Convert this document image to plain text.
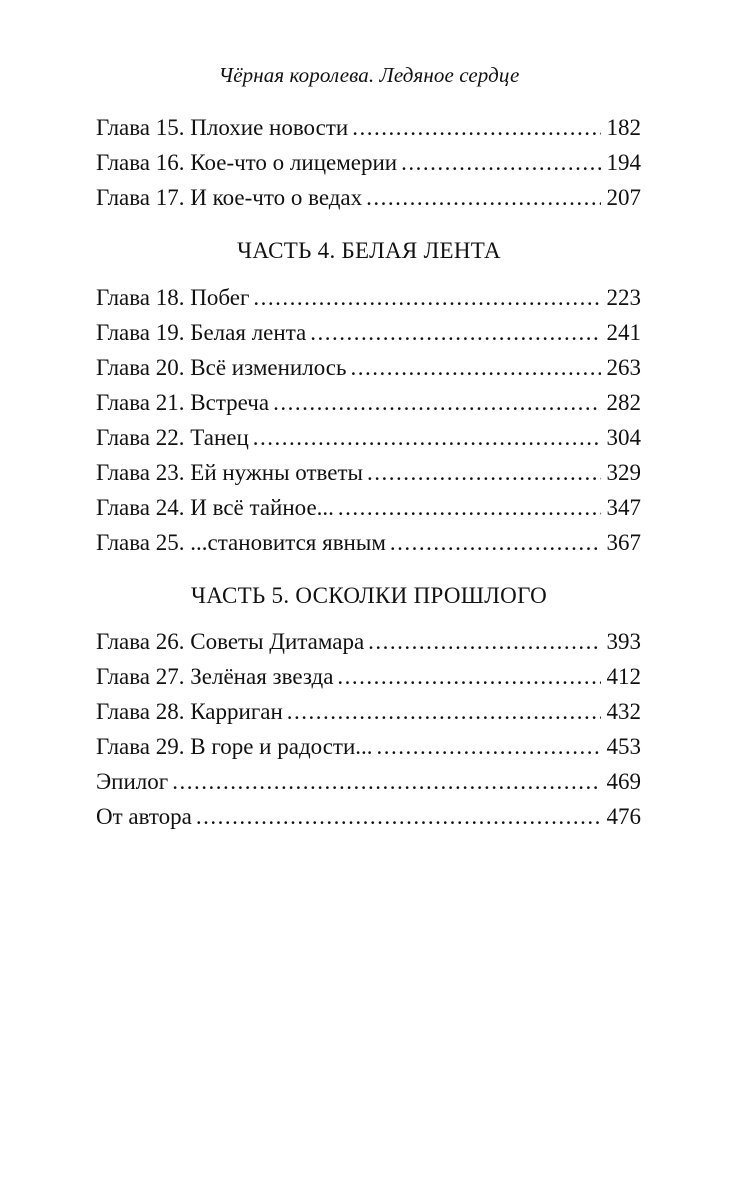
Чёрная королева. Ледяное сердце
Глава 15. Плохие новости .....	182
Глава 16. Кое-что о лицемерии .....	194
Глава 17. И кое-что о ведах .....	207
ЧАСТЬ 4. БЕЛАЯ ЛЕНТА
Глава 18. Побег .....	223
Глава 19. Белая лента .....	241
Глава 20. Всё изменилось .....	263
Глава 21. Встреча .....	282
Глава 22. Танец .....	304
Глава 23. Ей нужны ответы .....	329
Глава 24. И всё тайное... .....	347
Глава 25. ...становится явным .....	367
ЧАСТЬ 5. ОСКОЛКИ ПРОШЛОГО
Глава 26. Советы Дитамара .....	393
Глава 27. Зелёная звезда .....	412
Глава 28. Карриган .....	432
Глава 29. В горе и радости... .....	453
Эпилог .....	469
От автора .....	476
